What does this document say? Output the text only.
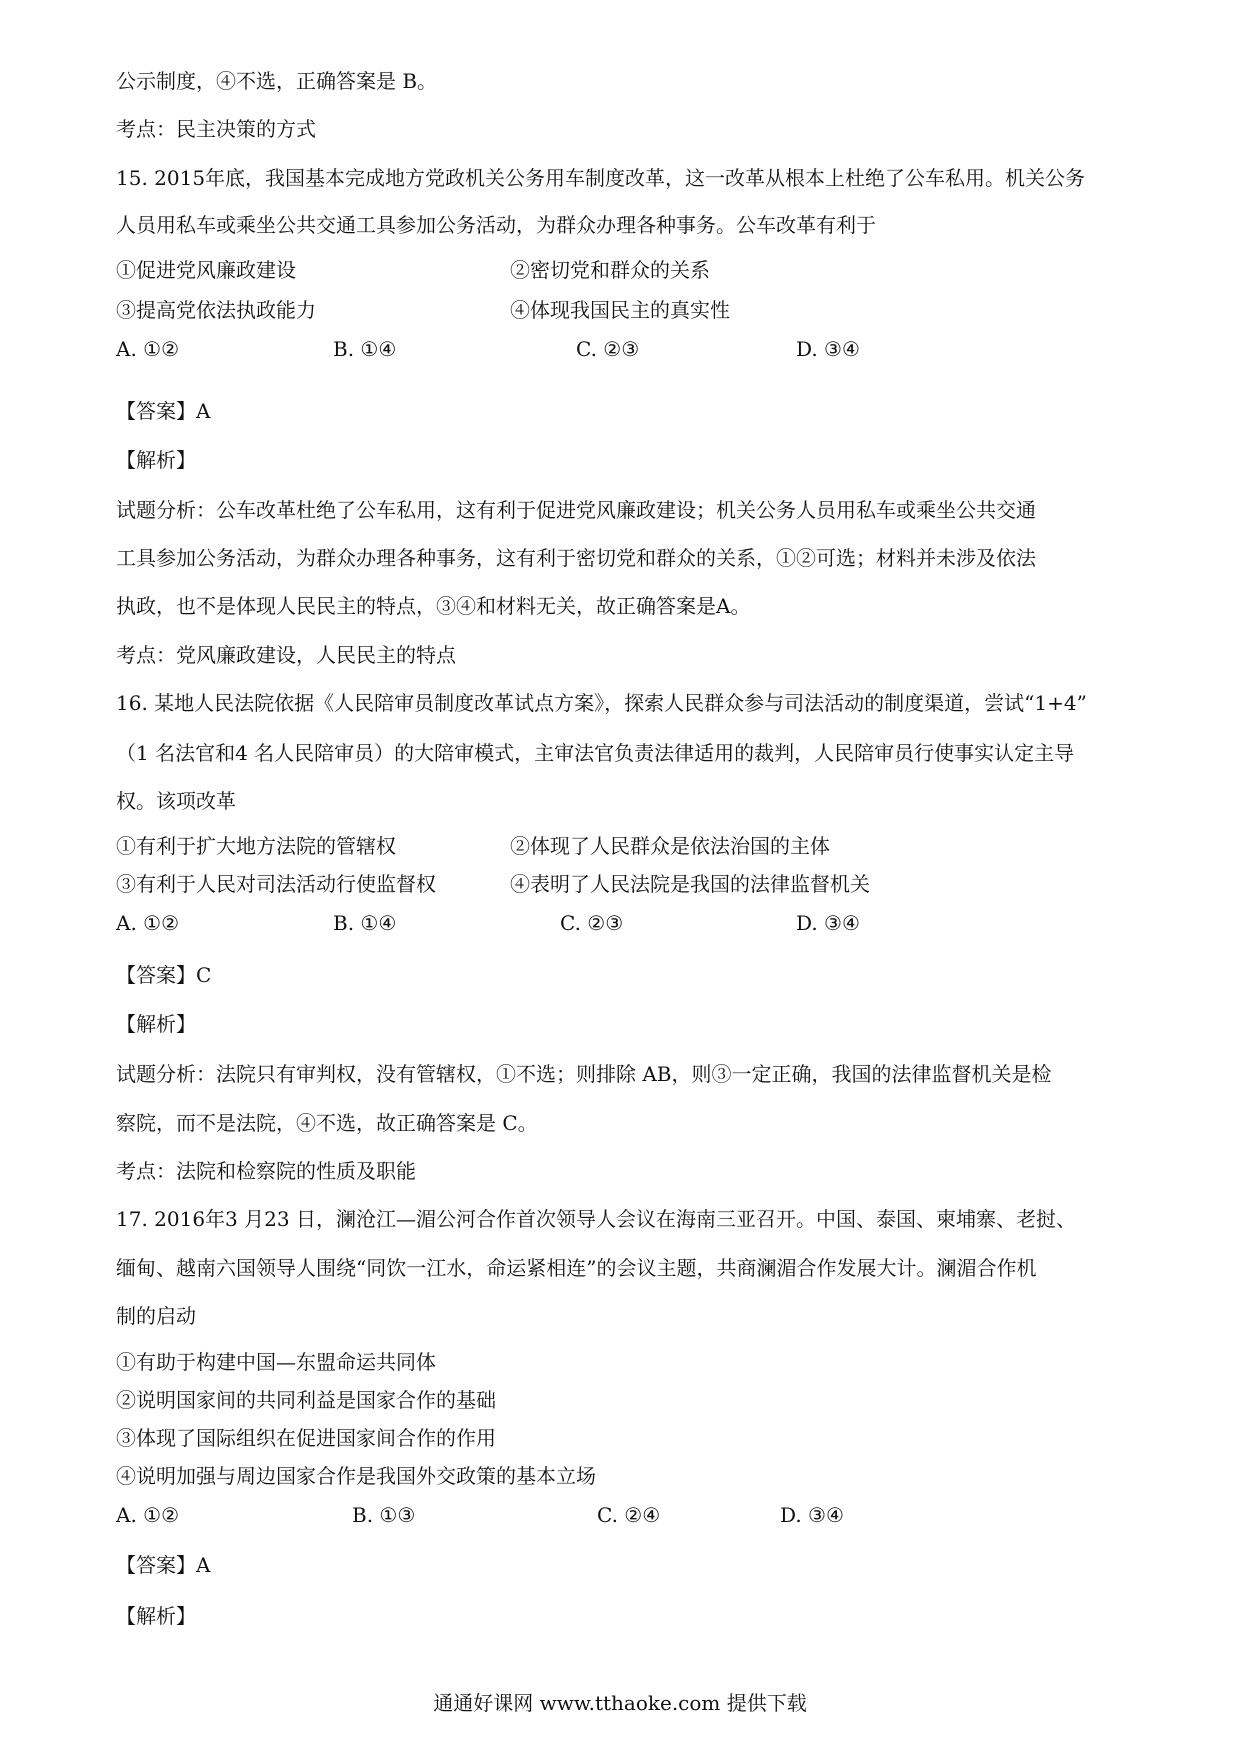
公示制度，④不选，正确答案是 B。
考点：民主决策的方式
15. 2015年底，我国基本完成地方党政机关公务用车制度改革，这一改革从根本上杜绝了公车私用。机关公务
人员用私车或乘坐公共交通工具参加公务活动，为群众办理各种事务。公车改革有利于
①促进党风廉政建设	②密切党和群众的关系
③提高党依法执政能力	④体现我国民主的真实性
A. ①②	B. ①④	C. ②③	D. ③④
【答案】A
【解析】
试题分析：公车改革杜绝了公车私用，这有利于促进党风廉政建设；机关公务人员用私车或乘坐公共交通
工具参加公务活动，为群众办理各种事务，这有利于密切党和群众的关系，①②可选；材料并未涉及依法
执政，也不是体现人民民主的特点，③④和材料无关，故正确答案是A。
考点：党风廉政建设，人民民主的特点
16. 某地人民法院依据《人民陪审员制度改革试点方案》，探索人民群众参与司法活动的制度渠道，尝试“1+4”
（1 名法官和4 名人民陪审员）的大陪审模式，主审法官负责法律适用的裁判，人民陪审员行使事实认定主导
权。该项改革
①有利于扩大地方法院的管辖权	②体现了人民群众是依法治国的主体
③有利于人民对司法活动行使监督权	④表明了人民法院是我国的法律监督机关
A. ①②	B. ①④	C. ②③	D. ③④
【答案】C
【解析】
试题分析：法院只有审判权，没有管辖权，①不选；则排除 AB，则③一定正确，我国的法律监督机关是检
察院，而不是法院，④不选，故正确答案是 C。
考点：法院和检察院的性质及职能
17. 2016年3 月23 日，澜沧江—湄公河合作首次领导人会议在海南三亚召开。中国、泰国、柬埔寨、老挝、
缅甸、越南六国领导人围绕“同饮一江水，命运紧相连”的会议主题，共商澜湄合作发展大计。澜湄合作机
制的启动
①有助于构建中国—东盟命运共同体
②说明国家间的共同利益是国家合作的基础
③体现了国际组织在促进国家间合作的作用
④说明加强与周边国家合作是我国外交政策的基本立场
A. ①②	B. ①③	C. ②④	D. ③④
【答案】A
【解析】
通通好课网 www.tthaoke.com 提供下载
